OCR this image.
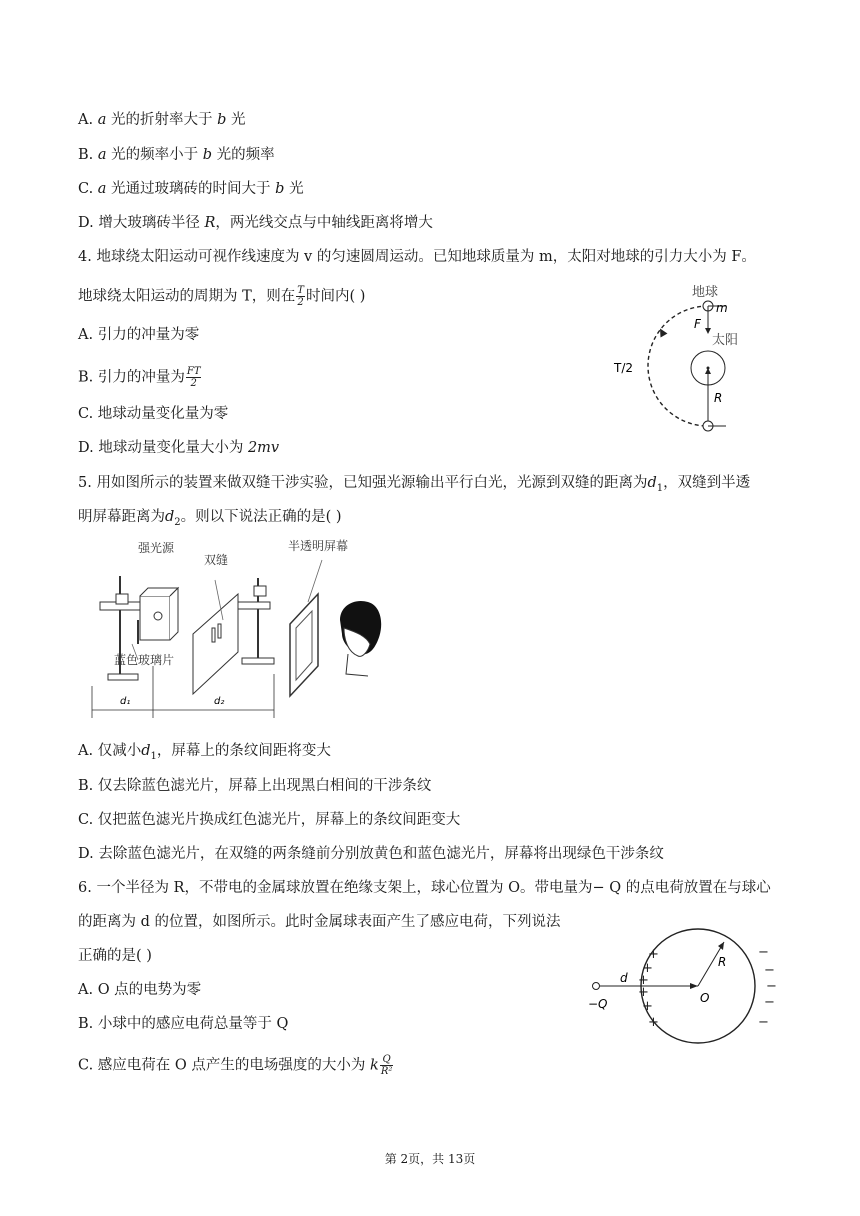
A. a 光的折射率大于 b 光
B. a 光的频率小于 b 光的频率
C. a 光通过玻璃砖的时间大于 b 光
D. 增大玻璃砖半径 R，两光线交点与中轴线距离将增大
4. 地球绕太阳运动可视作线速度为 v 的匀速圆周运动。已知地球质量为 m，太阳对地球的引力大小为 F。
地球绕太阳运动的周期为 T，则在 $\frac{T}{2}$ 时间内( )
A. 引力的冲量为零
B. 引力的冲量为 $\frac{FT}{2}$
C. 地球动量变化量为零
D. 地球动量变化量大小为 2mv
地球
m
F
太阳
T/2
R
5. 用如图所示的装置来做双缝干涉实验，已知强光源输出平行白光，光源到双缝的距离为$d_1$，双缝到半透
明屏幕距离为$d_2$。则以下说法正确的是( )
强光源
双缝
半透明屏幕
蓝色玻璃片
d₁	d₂
A. 仅减小$d_1$，屏幕上的条纹间距将变大
B. 仅去除蓝色滤光片，屏幕上出现黑白相间的干涉条纹
C. 仅把蓝色滤光片换成红色滤光片，屏幕上的条纹间距变大
D. 去除蓝色滤光片，在双缝的两条缝前分别放黄色和蓝色滤光片，屏幕将出现绿色干涉条纹
6. 一个半径为 R，不带电的金属球放置在绝缘支架上，球心位置为 O。带电量为− Q 的点电荷放置在与球心
的距离为 d 的位置，如图所示。此时金属球表面产生了感应电荷，下列说法
正确的是( )
A. O 点的电势为零
B. 小球中的感应电荷总量等于 Q
C. 感应电荷在 O 点产生的电场强度的大小为 k $\frac{Q}{\text{R²}}$
+
+
+
+
+
+
−
−
−
−
−
−Q
d
O
R
第 2页，共 13页
